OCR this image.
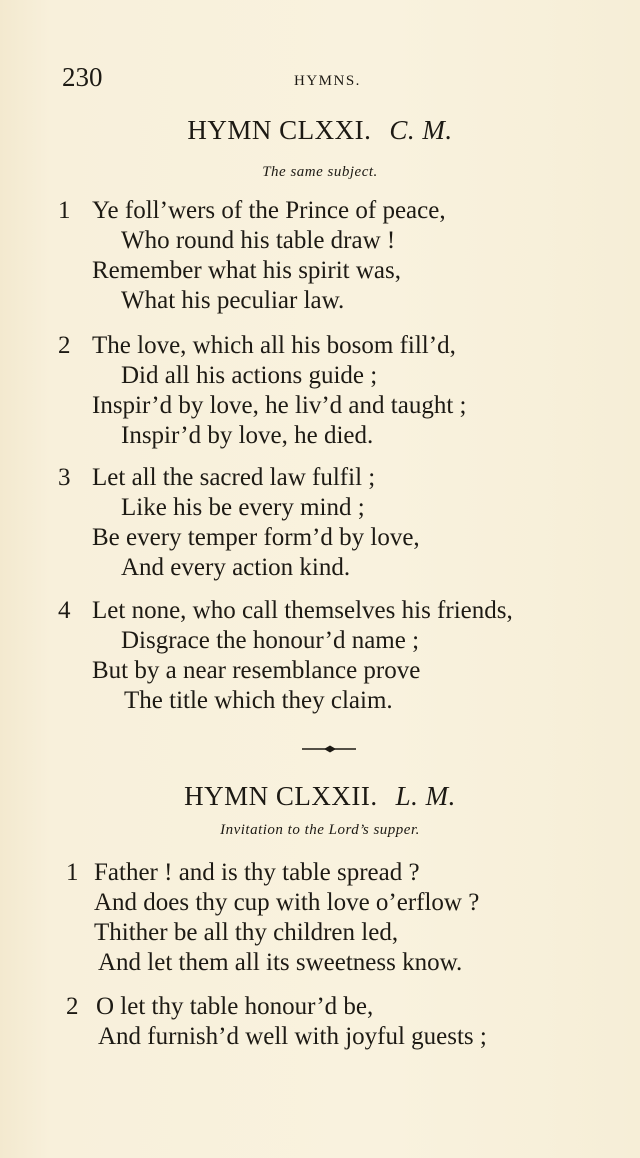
230	HYMNS.
HYMN CLXXI. C. M.
The same subject.
1 Ye foll’wers of the Prince of peace,
Who round his table draw !
Remember what his spirit was,
What his peculiar law.
2 The love, which all his bosom fill’d,
Did all his actions guide ;
Inspir’d by love, he liv’d and taught ;
Inspir’d by love, he died.
3 Let all the sacred law fulfil ;
Like his be every mind ;
Be every temper form’d by love,
And every action kind.
4 Let none, who call themselves his friends,
Disgrace the honour’d name ;
But by a near resemblance prove
The title which they claim.
HYMN CLXXII. L. M.
Invitation to the Lord’s supper.
1 Father ! and is thy table spread ?
And does thy cup with love o’erflow ?
Thither be all thy children led,
And let them all its sweetness know.
2 O let thy table honour’d be,
And furnish’d well with joyful guests ;
